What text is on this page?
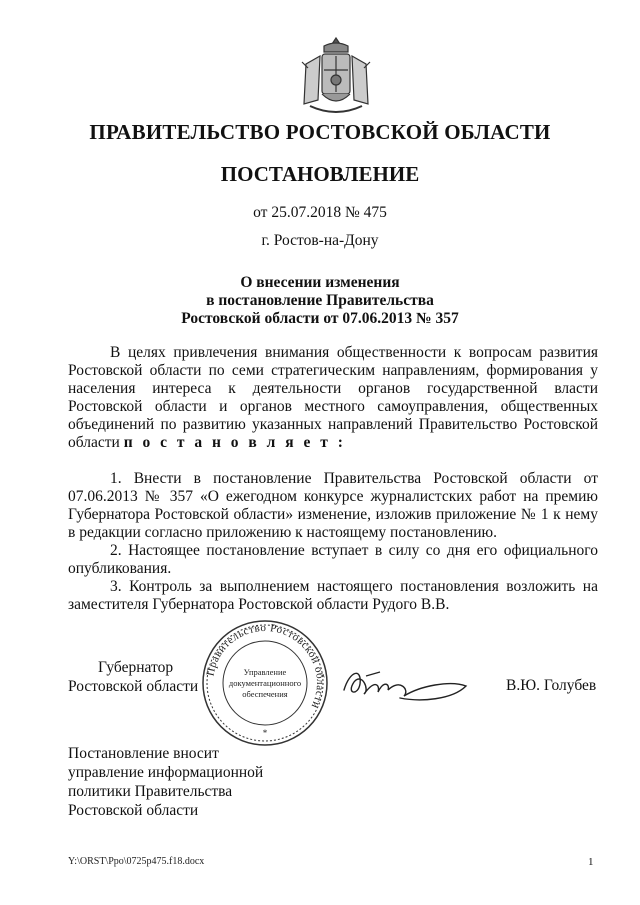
ПРАВИТЕЛЬСТВО РОСТОВСКОЙ ОБЛАСТИ
ПОСТАНОВЛЕНИЕ
от 25.07.2018 № 475
г. Ростов-на-Дону
О внесении изменения
в постановление Правительства
Ростовской области от 07.06.2013 № 357

В целях привлечения внимания общественности к вопросам развития Ростовской области по семи стратегическим направлениям, формирования у населения интереса к деятельности органов государственной власти Ростовской области и органов местного самоуправления, общественных объединений по развитию указанных направлений Правительство Ростовской области п о с т а н о в л я е т :

1. Внести в постановление Правительства Ростовской области от 07.06.2013 № 357 «О ежегодном конкурсе журналистских работ на премию Губернатора Ростовской области» изменение, изложив приложение № 1 к нему в редакции согласно приложению к настоящему постановлению.

2. Настоящее постановление вступает в силу со дня его официального опубликования.

3. Контроль за выполнением настоящего постановления возложить на заместителя Губернатора Ростовской области Рудого В.В.

Губернатор
Ростовской области
Правительство Ростовской области
Управление
документационного
обеспечения
*
В.Ю. Голубев
Постановление вносит
управление информационной
политики Правительства
Ростовской области
Y:\ORST\Ppo\0725p475.f18.docx	1
